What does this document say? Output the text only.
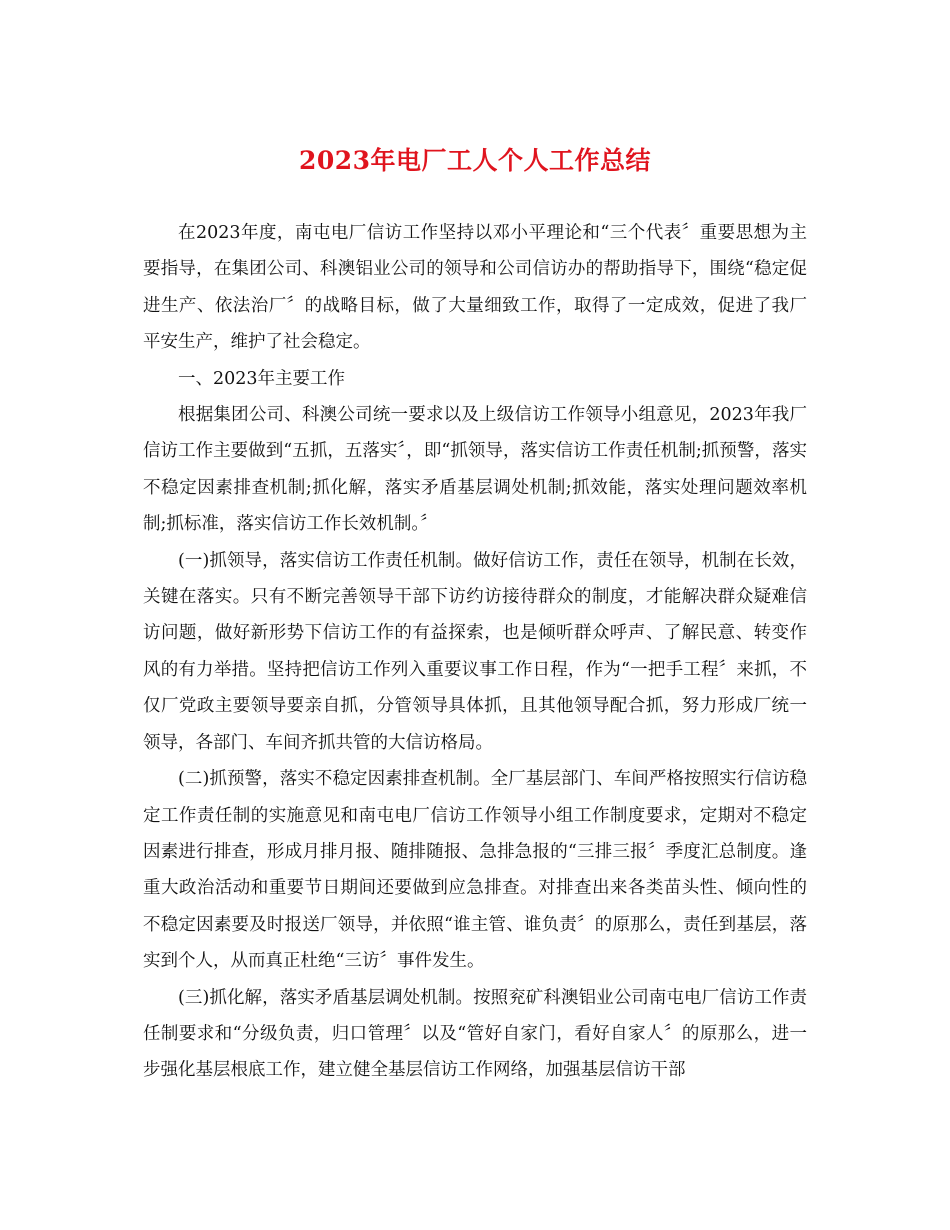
2023年电厂工人个人工作总结

在2023年度，南屯电厂信访工作坚持以邓小平理论和“三个代表〞重要思想为主要指导，在集团公司、科澳铝业公司的领导和公司信访办的帮助指导下，围绕“稳定促进生产、依法治厂〞的战略目标，做了大量细致工作，取得了一定成效，促进了我厂平安生产，维护了社会稳定。

一、2023年主要工作

根据集团公司、科澳公司统一要求以及上级信访工作领导小组意见，2023年我厂信访工作主要做到“五抓，五落实〞，即“抓领导，落实信访工作责任机制;抓预警，落实不稳定因素排查机制;抓化解，落实矛盾基层调处机制;抓效能，落实处理问题效率机制;抓标准，落实信访工作长效机制。〞

(一)抓领导，落实信访工作责任机制。做好信访工作，责任在领导，机制在长效，关键在落实。只有不断完善领导干部下访约访接待群众的制度，才能解决群众疑难信访问题，做好新形势下信访工作的有益探索，也是倾听群众呼声、了解民意、转变作风的有力举措。坚持把信访工作列入重要议事工作日程，作为“一把手工程〞来抓，不仅厂党政主要领导要亲自抓，分管领导具体抓，且其他领导配合抓，努力形成厂统一领导，各部门、车间齐抓共管的大信访格局。

(二)抓预警，落实不稳定因素排查机制。全厂基层部门、车间严格按照实行信访稳定工作责任制的实施意见和南屯电厂信访工作领导小组工作制度要求，定期对不稳定因素进行排查，形成月排月报、随排随报、急排急报的“三排三报〞季度汇总制度。逢重大政治活动和重要节日期间还要做到应急排查。对排查出来各类苗头性、倾向性的不稳定因素要及时报送厂领导，并依照“谁主管、谁负责〞的原那么，责任到基层，落实到个人，从而真正杜绝“三访〞事件发生。

(三)抓化解，落实矛盾基层调处机制。按照兖矿科澳铝业公司南屯电厂信访工作责任制要求和“分级负责，归口管理〞以及“管好自家门，看好自家人〞的原那么，进一步强化基层根底工作，建立健全基层信访工作网络，加强基层信访干部
